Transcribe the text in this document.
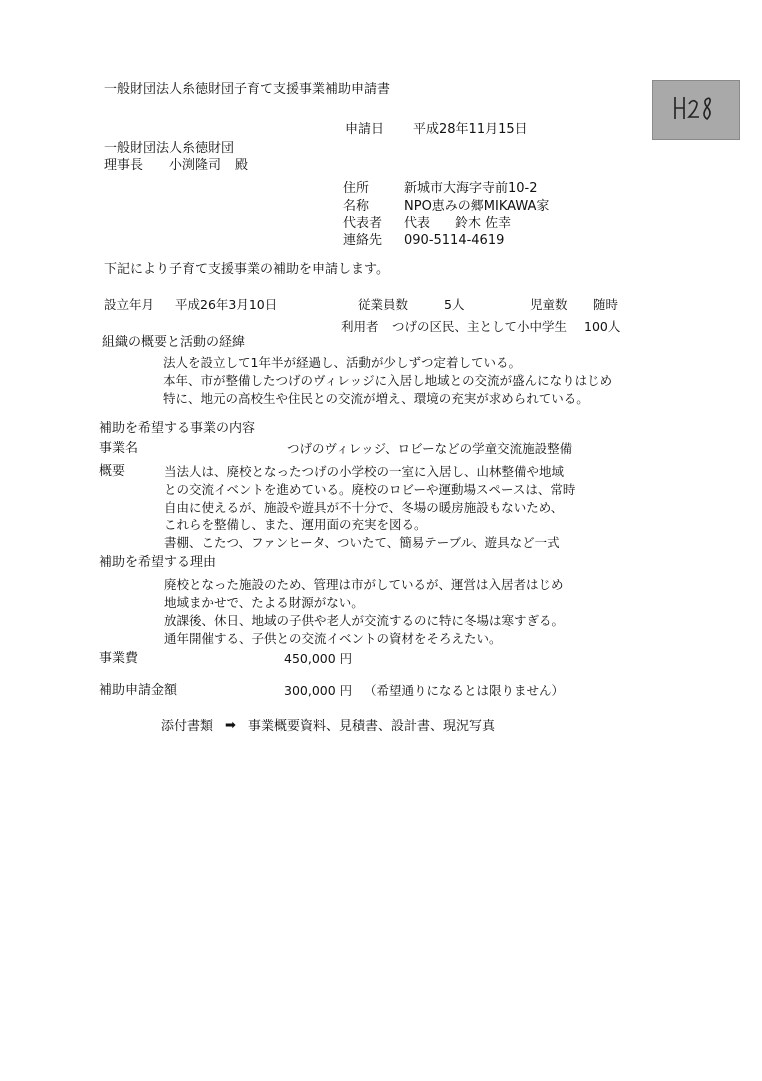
一般財団法人糸徳財団子育て支援事業補助申請書
申請日 平成28年11月15日
一般財団法人糸徳財団
理事長 小渕隆司 殿
住所	新城市大海字寺前10-2
名称	NPO恵みの郷MIKAWA家
代表者 代表 鈴木 佐幸
連絡先 090-5114-4619
下記により子育て支援事業の補助を申請します。
設立年月 平成26年3月10日	従業員数	5人	児童数 随時
利用者 つげの区民、主として小中学生 100人
組織の概要と活動の経緯
法人を設立して1年半が経過し、活動が少しずつ定着している。
本年、市が整備したつげのヴィレッジに入居し地域との交流が盛んになりはじめ
特に、地元の高校生や住民との交流が増え、環境の充実が求められている。
補助を希望する事業の内容
事業名	つげのヴィレッジ、ロビーなどの学童交流施設整備
概要	当法人は、廃校となったつげの小学校の一室に入居し、山林整備や地域
との交流イベントを進めている。廃校のロビーや運動場スペースは、常時
自由に使えるが、施設や遊具が不十分で、冬場の暖房施設もないため、
これらを整備し、また、運用面の充実を図る。
書棚、こたつ、ファンヒータ、ついたて、簡易テーブル、遊具など一式
補助を希望する理由
廃校となった施設のため、管理は市がしているが、運営は入居者はじめ
地域まかせで、たよる財源がない。
放課後、休日、地域の子供や老人が交流するのに特に冬場は寒すぎる。
通年開催する、子供との交流イベントの資材をそろえたい。
事業費	450,000 円
補助申請金額	300,000 円 （希望通りになるとは限りません）
添付書類 ➡ 事業概要資料、見積書、設計書、現況写真
